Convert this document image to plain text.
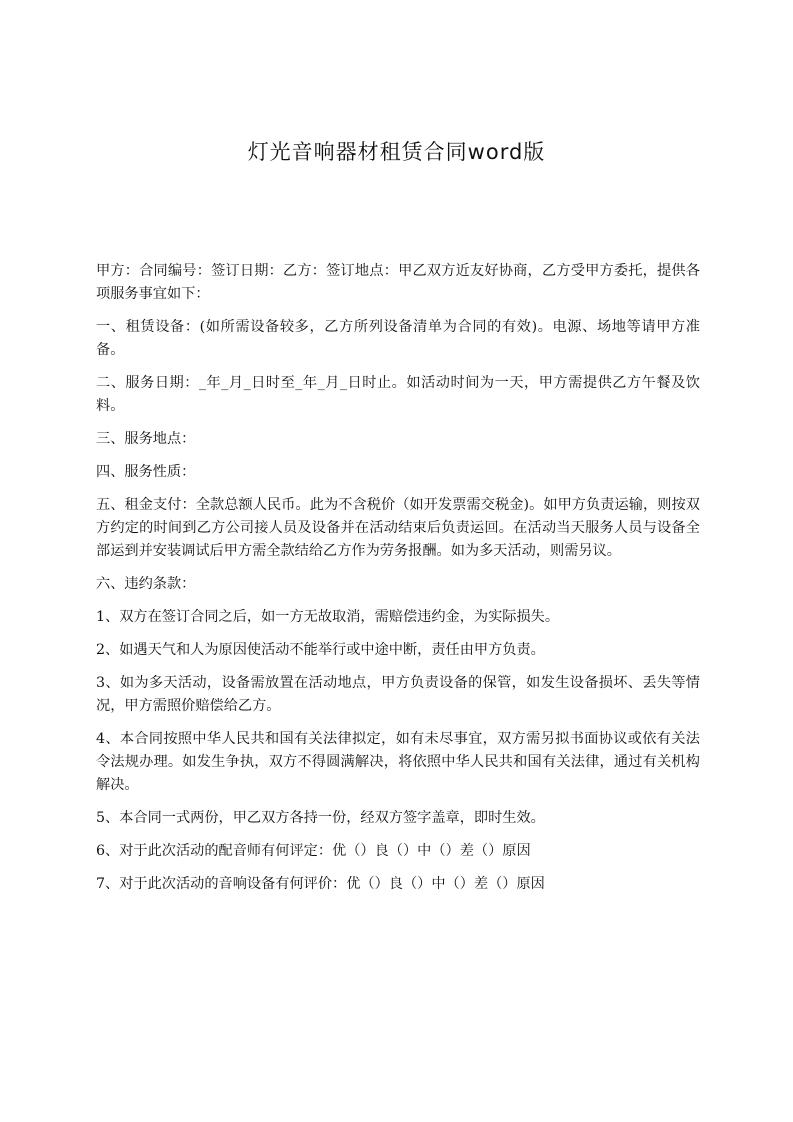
灯光音响器材租赁合同word版

甲方：合同编号：签订日期：乙方：签订地点：甲乙双方近友好协商，乙方受甲方委托，提供各项服务事宜如下：

一、租赁设备：(如所需设备较多，乙方所列设备清单为合同的有效)。电源、场地等请甲方准备。

二、服务日期：_年_月_日时至_年_月_日时止。如活动时间为一天，甲方需提供乙方午餐及饮料。

三、服务地点：

四、服务性质：

五、租金支付：全款总额人民币。此为不含税价（如开发票需交税金)。如甲方负责运输，则按双方约定的时间到乙方公司接人员及设备并在活动结束后负责运回。在活动当天服务人员与设备全部运到并安装调试后甲方需全款结给乙方作为劳务报酬。如为多天活动，则需另议。

六、违约条款：

1、双方在签订合同之后，如一方无故取消，需赔偿违约金，为实际损失。

2、如遇天气和人为原因使活动不能举行或中途中断，责任由甲方负责。

3、如为多天活动，设备需放置在活动地点，甲方负责设备的保管，如发生设备损坏、丢失等情况，甲方需照价赔偿给乙方。

4、本合同按照中华人民共和国有关法律拟定，如有未尽事宜，双方需另拟书面协议或依有关法令法规办理。如发生争执，双方不得圆满解决，将依照中华人民共和国有关法律，通过有关机构解决。

5、本合同一式两份，甲乙双方各持一份，经双方签字盖章，即时生效。

6、对于此次活动的配音师有何评定：优（）良（）中（）差（）原因

7、对于此次活动的音响设备有何评价：优（）良（）中（）差（）原因
